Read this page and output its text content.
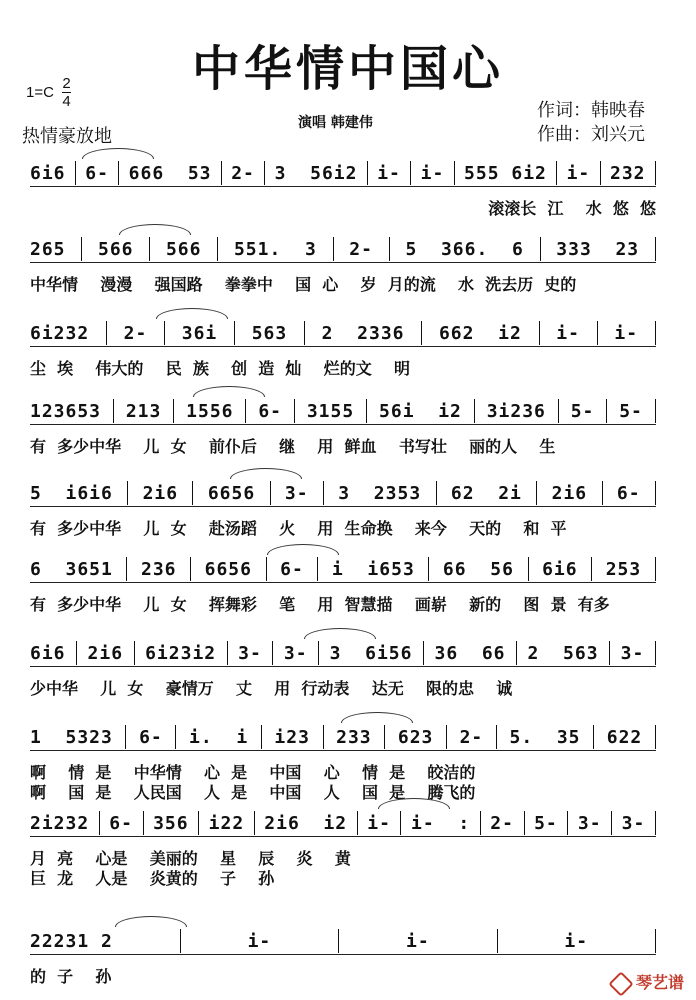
中华情中国心
1=C
2
4
热情豪放地
演唱 韩建伟
作词：韩映春
作曲：刘兴元
6i6 6- 666  53 2- 3  56i2 i- i- 555 6i2 i- 232
滚滚长  江    水  悠  悠
265 566 566 551.  3 2- 5  366.  6 333  23
中华情    漫漫    强国路    拳拳中    国  心    岁  月的流    水  洗去历  史的
6i232 2- 36i 563 2  2336 662  i2 i- i-
尘  埃    伟大的    民  族    创  造  灿    烂的文    明
123653 213 1556 6- 3155 56i  i2 3i236 5- 5-
有  多少中华    儿  女    前仆后    继    用  鲜血    书写壮    丽的人    生
5  i6i6 2i6 6656 3- 3  2353 62  2i 2i6 6-
有  多少中华    儿  女    赴汤蹈    火    用  生命换    来今    天的    和  平
6  3651 236 6656 6- i  i653 66  56 6i6 253
有  多少中华    儿  女    挥舞彩    笔    用  智慧描    画崭    新的    图  景  有多
6i6 2i6 6i23i2 3- 3- 3  6i56 36  66 2  563 3-
少中华    儿  女    豪情万    丈    用  行动表    达无    限的忠    诚
1  5323 6- i.  i i23 233 623 2- 5.  35 622
啊    情  是    中华情    心  是    中国    心    情  是    皎洁的
啊    国  是    人民国    人  是    中国    人    国  是    腾飞的
2i232 6- 356 i22 2i6  i2 i- i-  : 2- 5- 3- 3-
月  亮    心是    美丽的    星    辰    炎    黄
巨  龙    人是    炎黄的    子    孙
22231 2	i-	i-	i-
的  子    孙	琴艺谱
